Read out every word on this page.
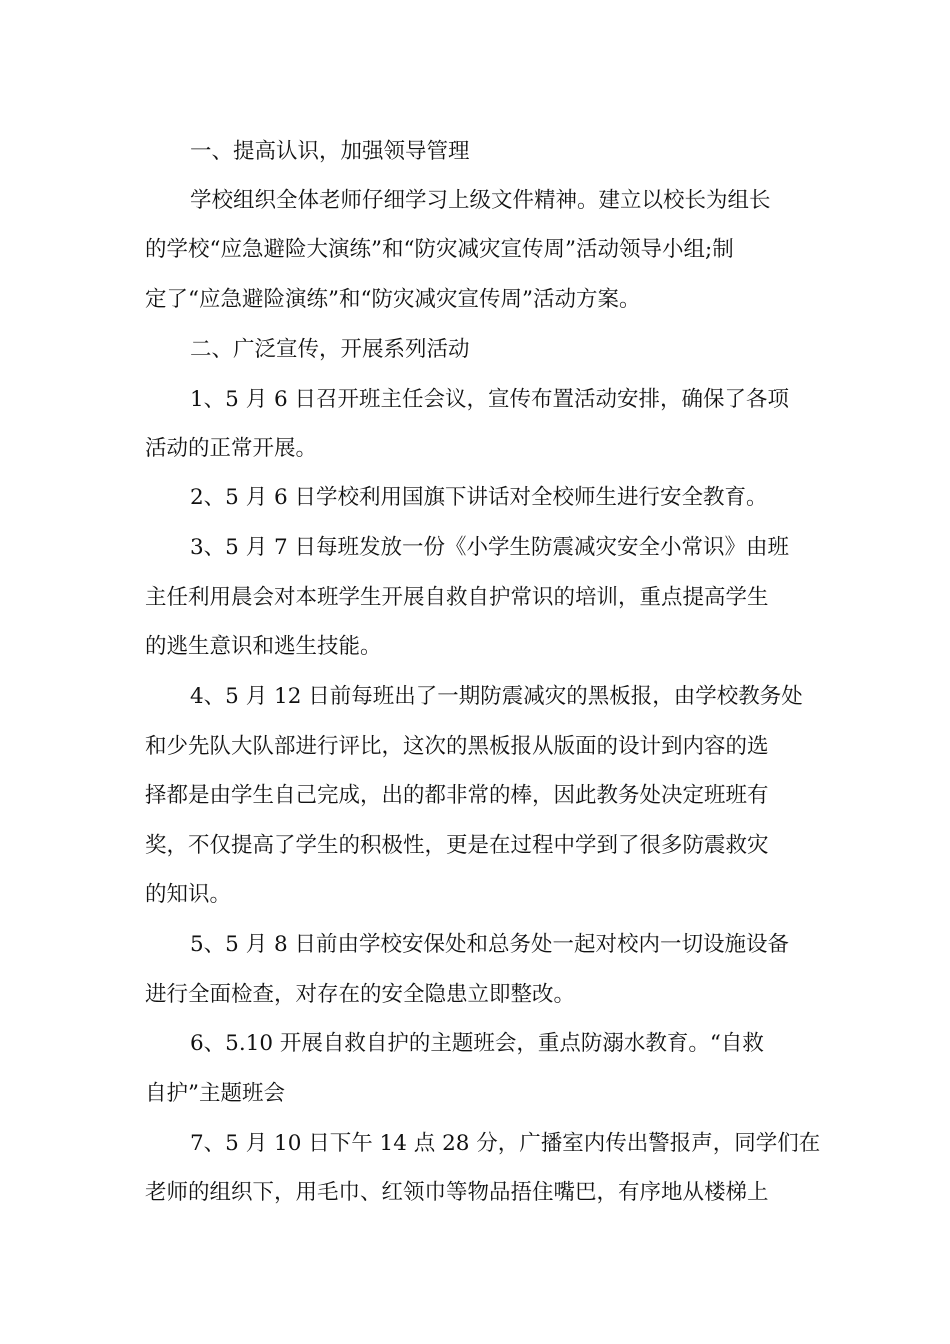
一、提高认识，加强领导管理
学校组织全体老师仔细学习上级文件精神。建立以校长为组长
的学校“应急避险大演练”和“防灾减灾宣传周”活动领导小组;制
定了“应急避险演练”和“防灾减灾宣传周”活动方案。
二、广泛宣传，开展系列活动
1、5 月 6 日召开班主任会议，宣传布置活动安排，确保了各项
活动的正常开展。
2、5 月 6 日学校利用国旗下讲话对全校师生进行安全教育。
3、5 月 7 日每班发放一份《小学生防震减灾安全小常识》由班
主任利用晨会对本班学生开展自救自护常识的培训，重点提高学生
的逃生意识和逃生技能。
4、5 月 12 日前每班出了一期防震减灾的黑板报，由学校教务处
和少先队大队部进行评比，这次的黑板报从版面的设计到内容的选
择都是由学生自己完成，出的都非常的棒，因此教务处决定班班有
奖，不仅提高了学生的积极性，更是在过程中学到了很多防震救灾
的知识。
5、5 月 8 日前由学校安保处和总务处一起对校内一切设施设备
进行全面检查，对存在的安全隐患立即整改。
6、5.10 开展自救自护的主题班会，重点防溺水教育。“自救
自护”主题班会
7、5 月 10 日下午 14 点 28 分，广播室内传出警报声，同学们在
老师的组织下，用毛巾、红领巾等物品捂住嘴巴，有序地从楼梯上
